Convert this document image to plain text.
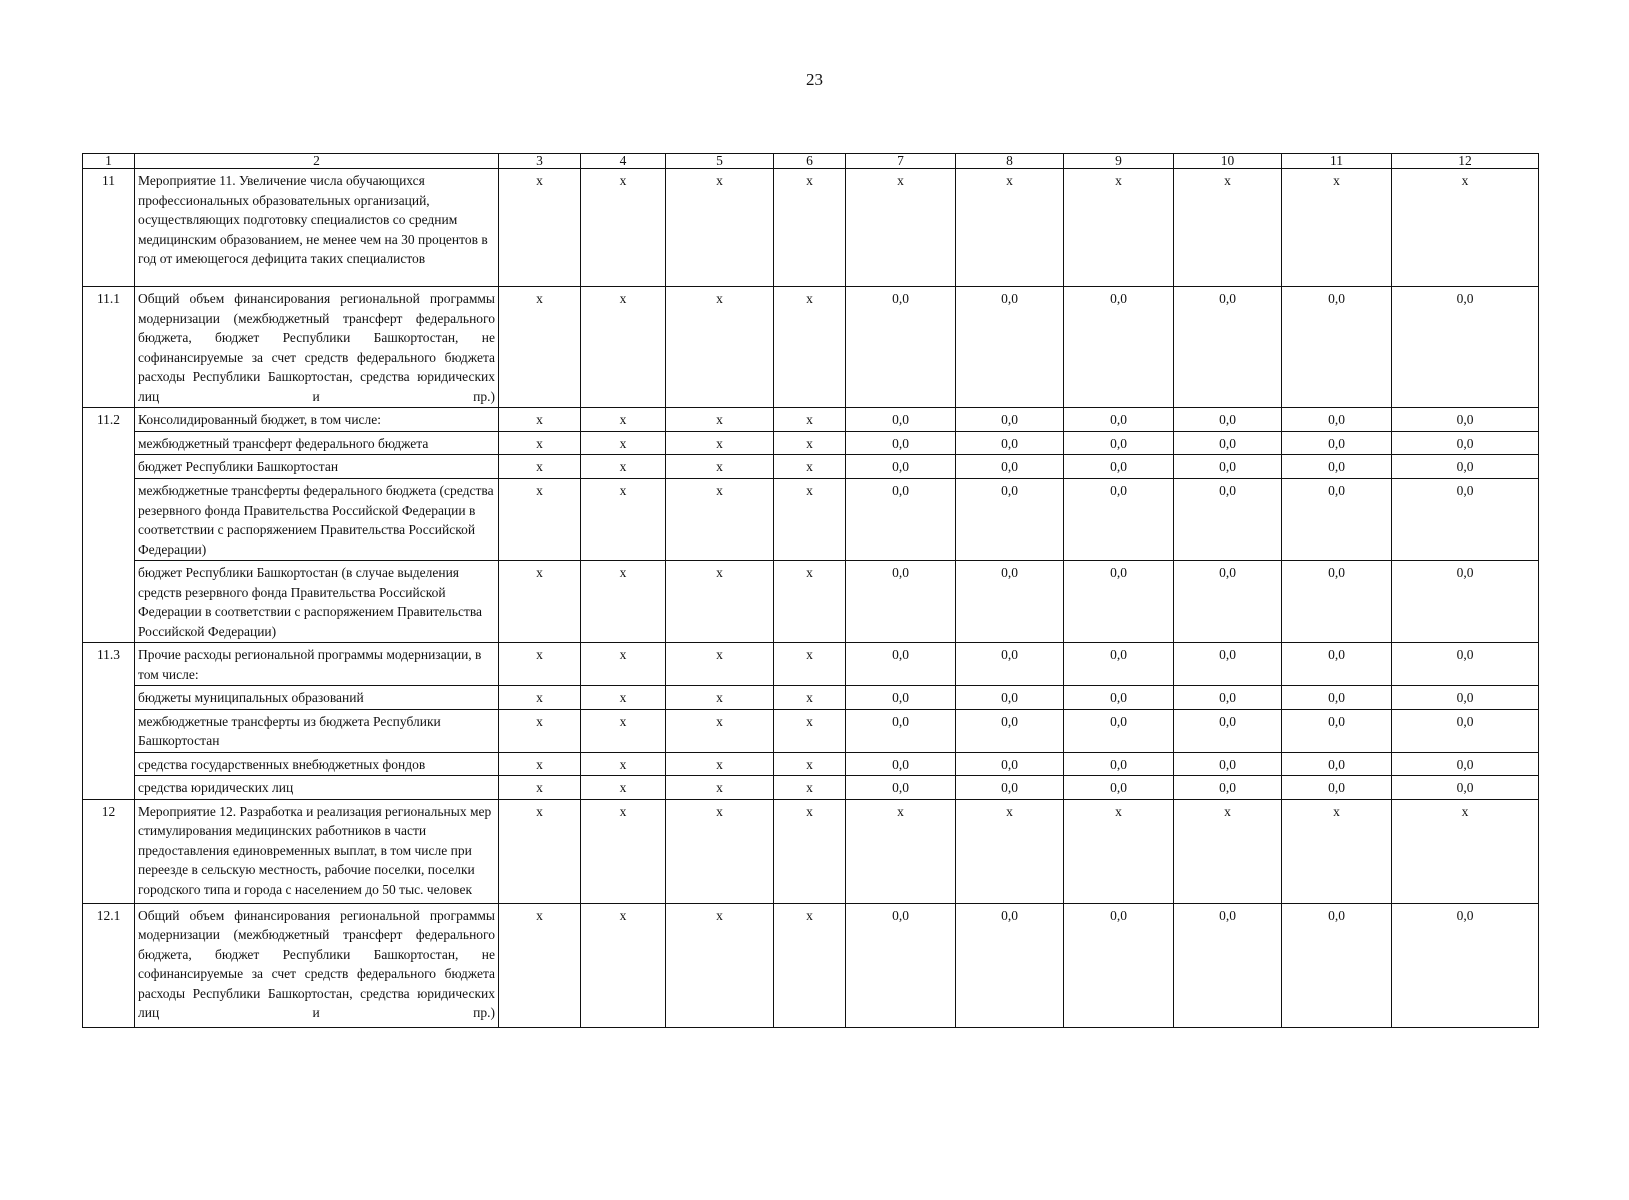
23
1	2	3	4	5	6	7	8	9	10	11	12
11	Мероприятие 11. Увеличение числа обучающихся профессиональных образовательных организаций, осуществляющих подготовку специалистов со средним медицинским образованием, не менее чем на 30 процентов в год от имеющегося дефицита таких специалистов	x	x	x	x	x	x	x	x	x	x
11.1	Общий объем финансирования региональной программы модернизации (межбюджетный трансферт федерального бюджета, бюджет Республики Башкортостан, не софинансируемые за счет средств федерального бюджета расходы Республики Башкортостан, средства юридических лиц и пр.)	x	x	x	x	0,0	0,0	0,0	0,0	0,0	0,0
11.2	Консолидированный бюджет, в том числе:	x	x	x	x	0,0	0,0	0,0	0,0	0,0	0,0
	межбюджетный трансферт федерального бюджета	x	x	x	x	0,0	0,0	0,0	0,0	0,0	0,0
	бюджет Республики Башкортостан	x	x	x	x	0,0	0,0	0,0	0,0	0,0	0,0
	межбюджетные трансферты федерального бюджета (средства резервного фонда Правительства Российской Федерации в соответствии с распоряжением Правительства Российской Федерации)	x	x	x	x	0,0	0,0	0,0	0,0	0,0	0,0
	бюджет Республики Башкортостан (в случае выделения средств резервного фонда Правительства Российской Федерации в соответствии с распоряжением Правительства Российской Федерации)	x	x	x	x	0,0	0,0	0,0	0,0	0,0	0,0
11.3	Прочие расходы региональной программы модернизации, в том числе:	x	x	x	x	0,0	0,0	0,0	0,0	0,0	0,0
	бюджеты муниципальных образований	x	x	x	x	0,0	0,0	0,0	0,0	0,0	0,0
	межбюджетные трансферты из бюджета Республики Башкортостан	x	x	x	x	0,0	0,0	0,0	0,0	0,0	0,0
	средства государственных внебюджетных фондов	x	x	x	x	0,0	0,0	0,0	0,0	0,0	0,0
	средства юридических лиц	x	x	x	x	0,0	0,0	0,0	0,0	0,0	0,0
12	Мероприятие 12. Разработка и реализация региональных мер стимулирования медицинских работников в части предоставления единовременных выплат, в том числе при переезде в сельскую местность, рабочие поселки, поселки городского типа и города с населением до 50 тыс. человек	x	x	x	x	x	x	x	x	x	x
12.1	Общий объем финансирования региональной программы модернизации (межбюджетный трансферт федерального бюджета, бюджет Республики Башкортостан, не софинансируемые за счет средств федерального бюджета расходы Республики Башкортостан, средства юридических лиц и пр.)	x	x	x	x	0,0	0,0	0,0	0,0	0,0	0,0
